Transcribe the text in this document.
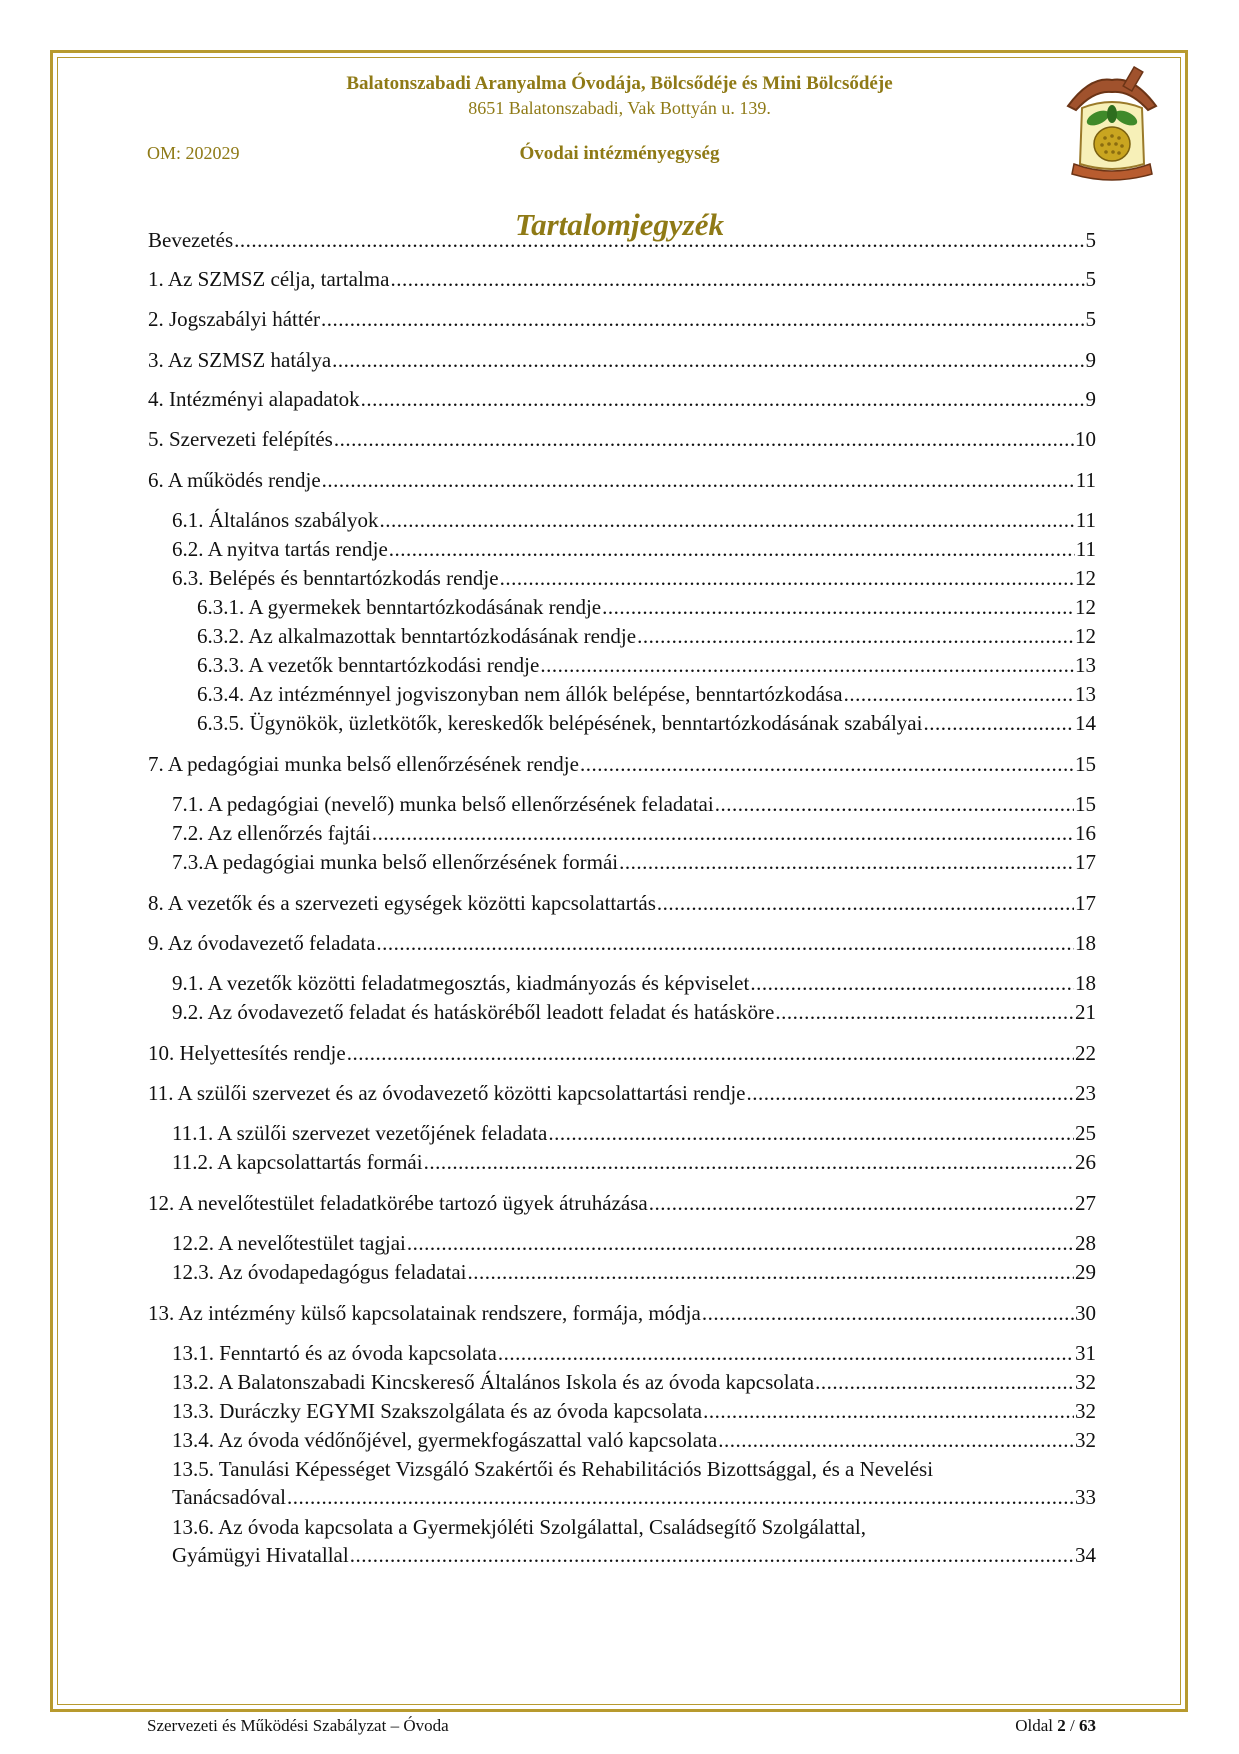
Balatonszabadi Aranyalma Óvodája, Bölcsődéje és Mini Bölcsődéje
8651 Balatonszabadi, Vak Bottyán u. 139.
OM: 202029	Óvodai intézményegység
Tartalomjegyzék
Bevezetés .....	5
1. Az SZMSZ célja, tartalma .....	5
2. Jogszabályi háttér .....	5
3. Az SZMSZ hatálya .....	9
4. Intézményi alapadatok .....	9
5. Szervezeti felépítés .....	10
6. A működés rendje .....	11
6.1. Általános szabályok .....	11
6.2. A nyitva tartás rendje .....	11
6.3. Belépés és benntartózkodás rendje .....	12
6.3.1. A gyermekek benntartózkodásának rendje .....	12
6.3.2. Az alkalmazottak benntartózkodásának rendje .....	12
6.3.3. A vezetők benntartózkodási rendje .....	13
6.3.4. Az intézménnyel jogviszonyban nem állók belépése, benntartózkodása .....	13
6.3.5. Ügynökök, üzletkötők, kereskedők belépésének, benntartózkodásának szabályai .....	14
7. A pedagógiai munka belső ellenőrzésének rendje .....	15
7.1. A pedagógiai (nevelő) munka belső ellenőrzésének feladatai .....	15
7.2. Az ellenőrzés fajtái .....	16
7.3.A pedagógiai munka belső ellenőrzésének formái .....	17
8. A vezetők és a szervezeti egységek közötti kapcsolattartás .....	17
9. Az óvodavezető feladata .....	18
9.1. A vezetők közötti feladatmegosztás, kiadmányozás és képviselet .....	18
9.2. Az óvodavezető feladat és hatásköréből leadott feladat és hatásköre .....	21
10. Helyettesítés rendje .....	22
11. A szülői szervezet és az óvodavezető közötti kapcsolattartási rendje .....	23
11.1. A szülői szervezet vezetőjének feladata .....	25
11.2. A kapcsolattartás formái .....	26
12. A nevelőtestület feladatkörébe tartozó ügyek átruházása .....	27
12.2. A nevelőtestület tagjai .....	28
12.3. Az óvodapedagógus feladatai .....	29
13. Az intézmény külső kapcsolatainak rendszere, formája, módja .....	30
13.1. Fenntartó és az óvoda kapcsolata .....	31
13.2. A Balatonszabadi Kincskereső Általános Iskola és az óvoda kapcsolata .....	32
13.3. Duráczky EGYMI Szakszolgálata és az óvoda kapcsolata .....	32
13.4. Az óvoda védőnőjével, gyermekfogászattal való kapcsolata .....	32
13.5. Tanulási Képességet Vizsgáló Szakértői és Rehabilitációs Bizottsággal, és a Nevelési
Tanácsadóval .....	33
13.6. Az óvoda kapcsolata a Gyermekjóléti Szolgálattal, Családsegítő Szolgálattal,
Gyámügyi Hivatallal .....	34
Szervezeti és Működési Szabályzat – Óvoda	Oldal 2 / 63
